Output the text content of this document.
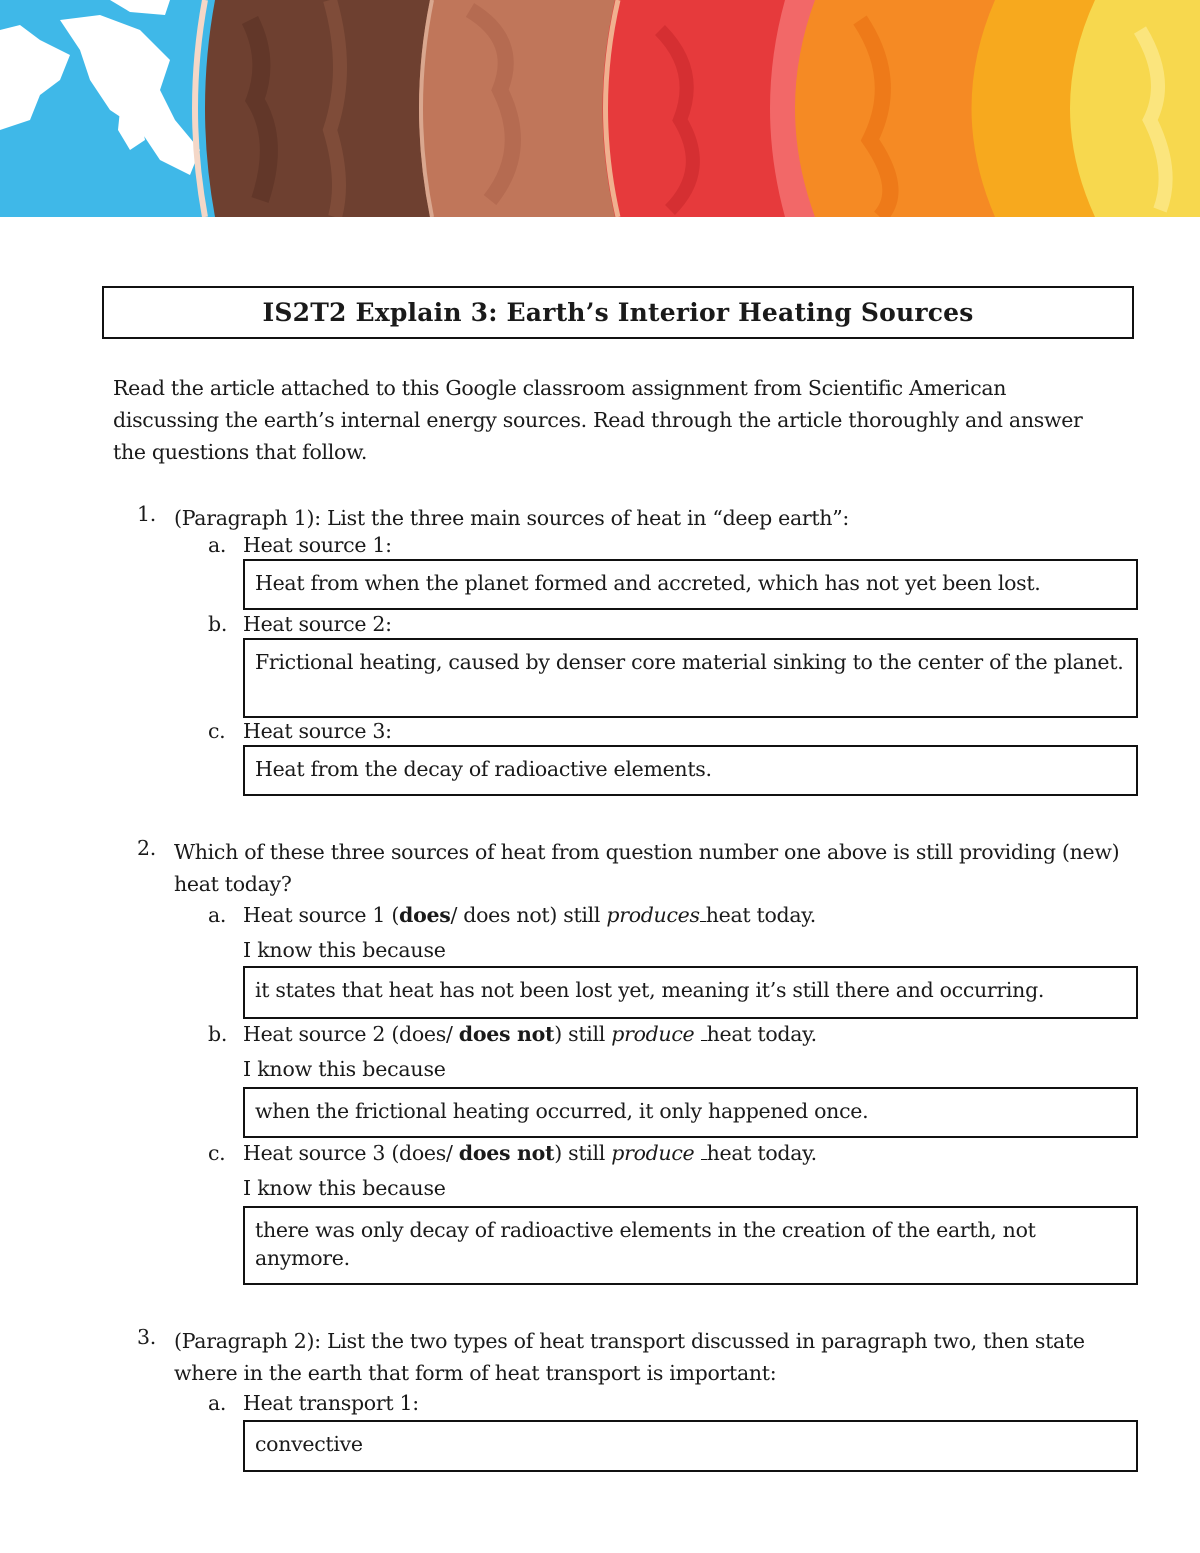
IS2T2 Explain 3: Earth’s Interior Heating Sources
Read the article attached to this Google classroom assignment from Scientific American discussing the earth’s internal energy sources. Read through the article thoroughly and answer the questions that follow.
1. (Paragraph 1): List the three main sources of heat in “deep earth”:
a. Heat source 1:
Heat from when the planet formed and accreted, which has not yet been lost.
b. Heat source 2:
Frictional heating, caused by denser core material sinking to the center of the planet.
c. Heat source 3:
Heat from the decay of radioactive elements.
2. Which of these three sources of heat from question number one above is still providing (new) heat today?
a. Heat source 1 (does/ does not) still produces heat today.
I know this because
it states that heat has not been lost yet, meaning it’s still there and occurring.
b. Heat source 2 (does/ does not) still produce heat today.
I know this because
when the frictional heating occurred, it only happened once.
c. Heat source 3 (does/ does not) still produce heat today.
I know this because
there was only decay of radioactive elements in the creation of the earth, not anymore.
3. (Paragraph 2): List the two types of heat transport discussed in paragraph two, then state where in the earth that form of heat transport is important:
a. Heat transport 1:
convective
